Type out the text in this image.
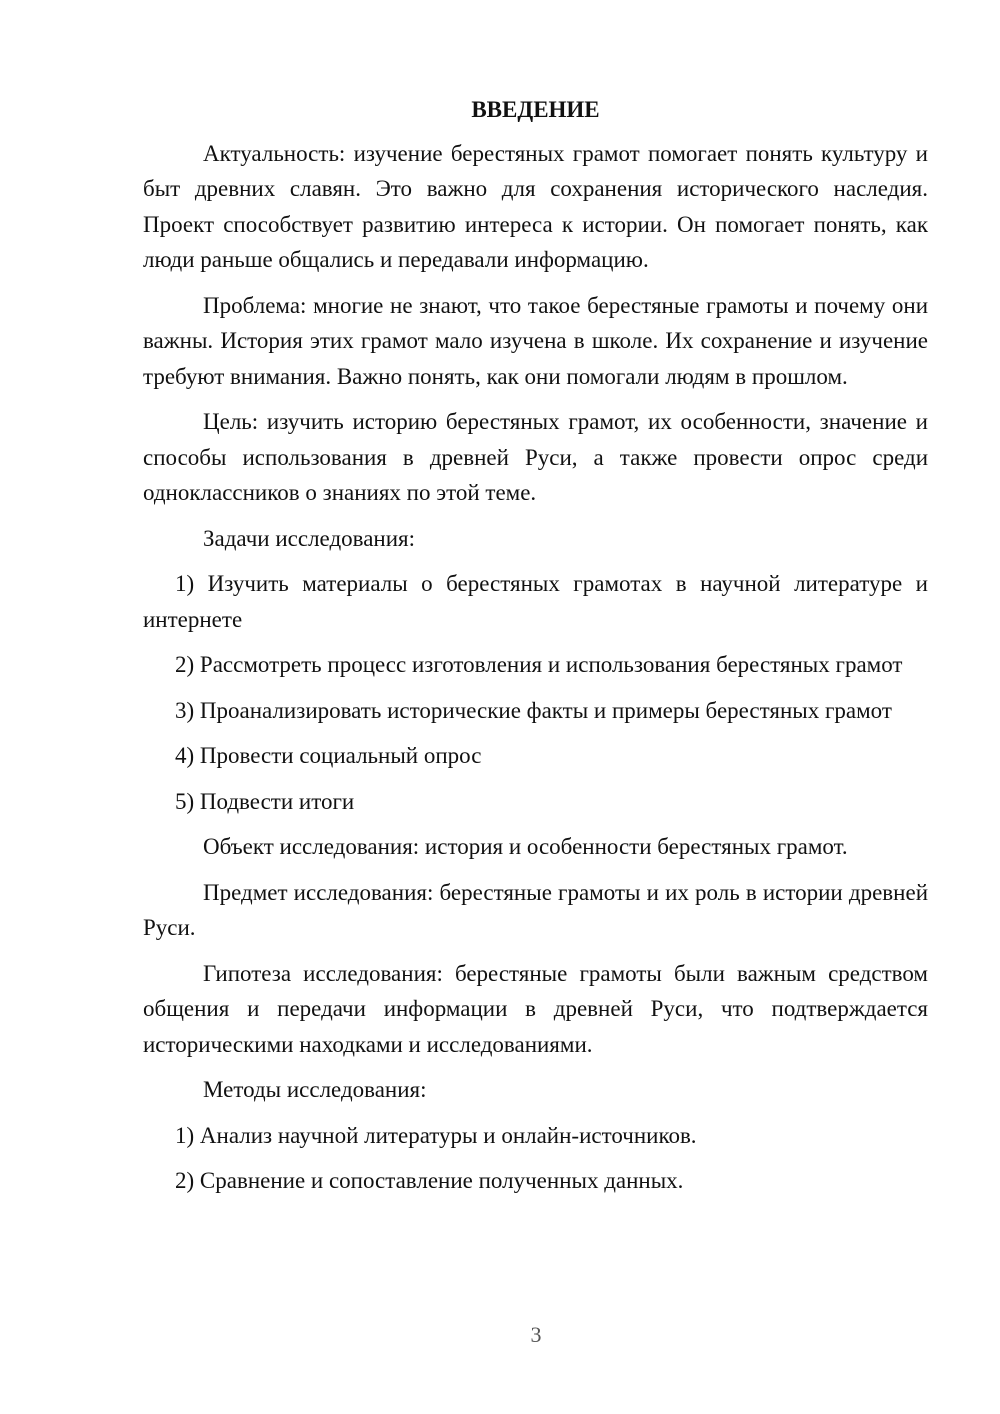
ВВЕДЕНИЕ

Актуальность: изучение берестяных грамот помогает понять культуру и быт древних славян. Это важно для сохранения исторического наследия. Проект способствует развитию интереса к истории. Он помогает понять, как люди раньше общались и передавали информацию.

Проблема: многие не знают, что такое берестяные грамоты и почему они важны. История этих грамот мало изучена в школе. Их сохранение и изучение требуют внимания. Важно понять, как они помогали людям в прошлом.

Цель: изучить историю берестяных грамот, их особенности, значение и способы использования в древней Руси, а также провести опрос среди одноклассников о знаниях по этой теме.

Задачи исследования:

1) Изучить материалы о берестяных грамотах в научной литературе и интернете

2) Рассмотреть процесс изготовления и использования берестяных грамот

3) Проанализировать исторические факты и примеры берестяных грамот

4) Провести социальный опрос

5) Подвести итоги

Объект исследования: история и особенности берестяных грамот.

Предмет исследования: берестяные грамоты и их роль в истории древней Руси.

Гипотеза исследования: берестяные грамоты были важным средством общения и передачи информации в древней Руси, что подтверждается историческими находками и исследованиями.

Методы исследования:

1) Анализ научной литературы и онлайн-источников.

2) Сравнение и сопоставление полученных данных.

3
